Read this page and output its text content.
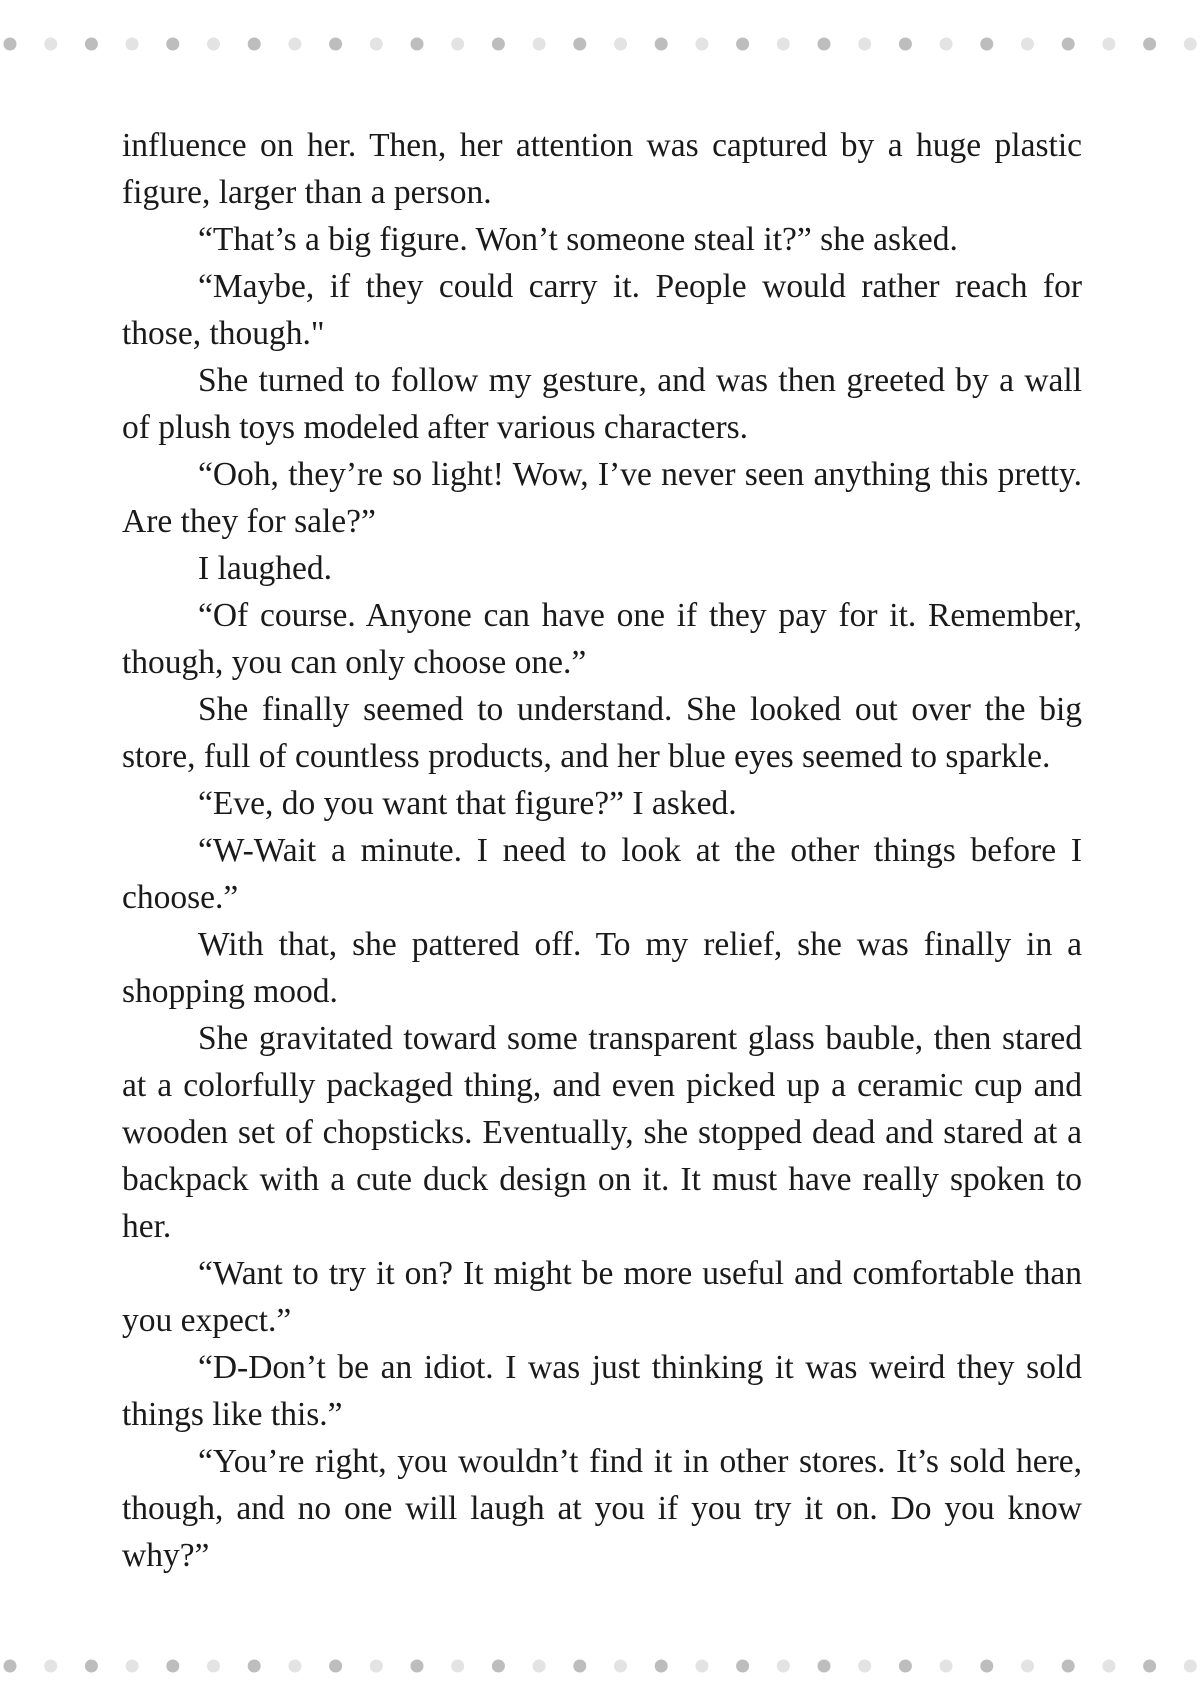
influence on her. Then, her attention was captured by a huge plastic figure, larger than a person.

“That’s a big figure. Won’t someone steal it?” she asked.

“Maybe, if they could carry it. People would rather reach for those, though."

She turned to follow my gesture, and was then greeted by a wall of plush toys modeled after various characters.

“Ooh, they’re so light! Wow, I’ve never seen anything this pretty. Are they for sale?”

I laughed.

“Of course. Anyone can have one if they pay for it. Remember, though, you can only choose one.”

She finally seemed to understand. She looked out over the big store, full of countless products, and her blue eyes seemed to sparkle.

“Eve, do you want that figure?” I asked.

“W-Wait a minute. I need to look at the other things before I choose.”

With that, she pattered off. To my relief, she was finally in a shopping mood.

She gravitated toward some transparent glass bauble, then stared at a colorfully packaged thing, and even picked up a ceramic cup and wooden set of chopsticks. Eventually, she stopped dead and stared at a backpack with a cute duck design on it. It must have really spoken to her.

“Want to try it on? It might be more useful and comfortable than you expect.”

“D-Don’t be an idiot. I was just thinking it was weird they sold things like this.”

“You’re right, you wouldn’t find it in other stores. It’s sold here, though, and no one will laugh at you if you try it on. Do you know why?”
